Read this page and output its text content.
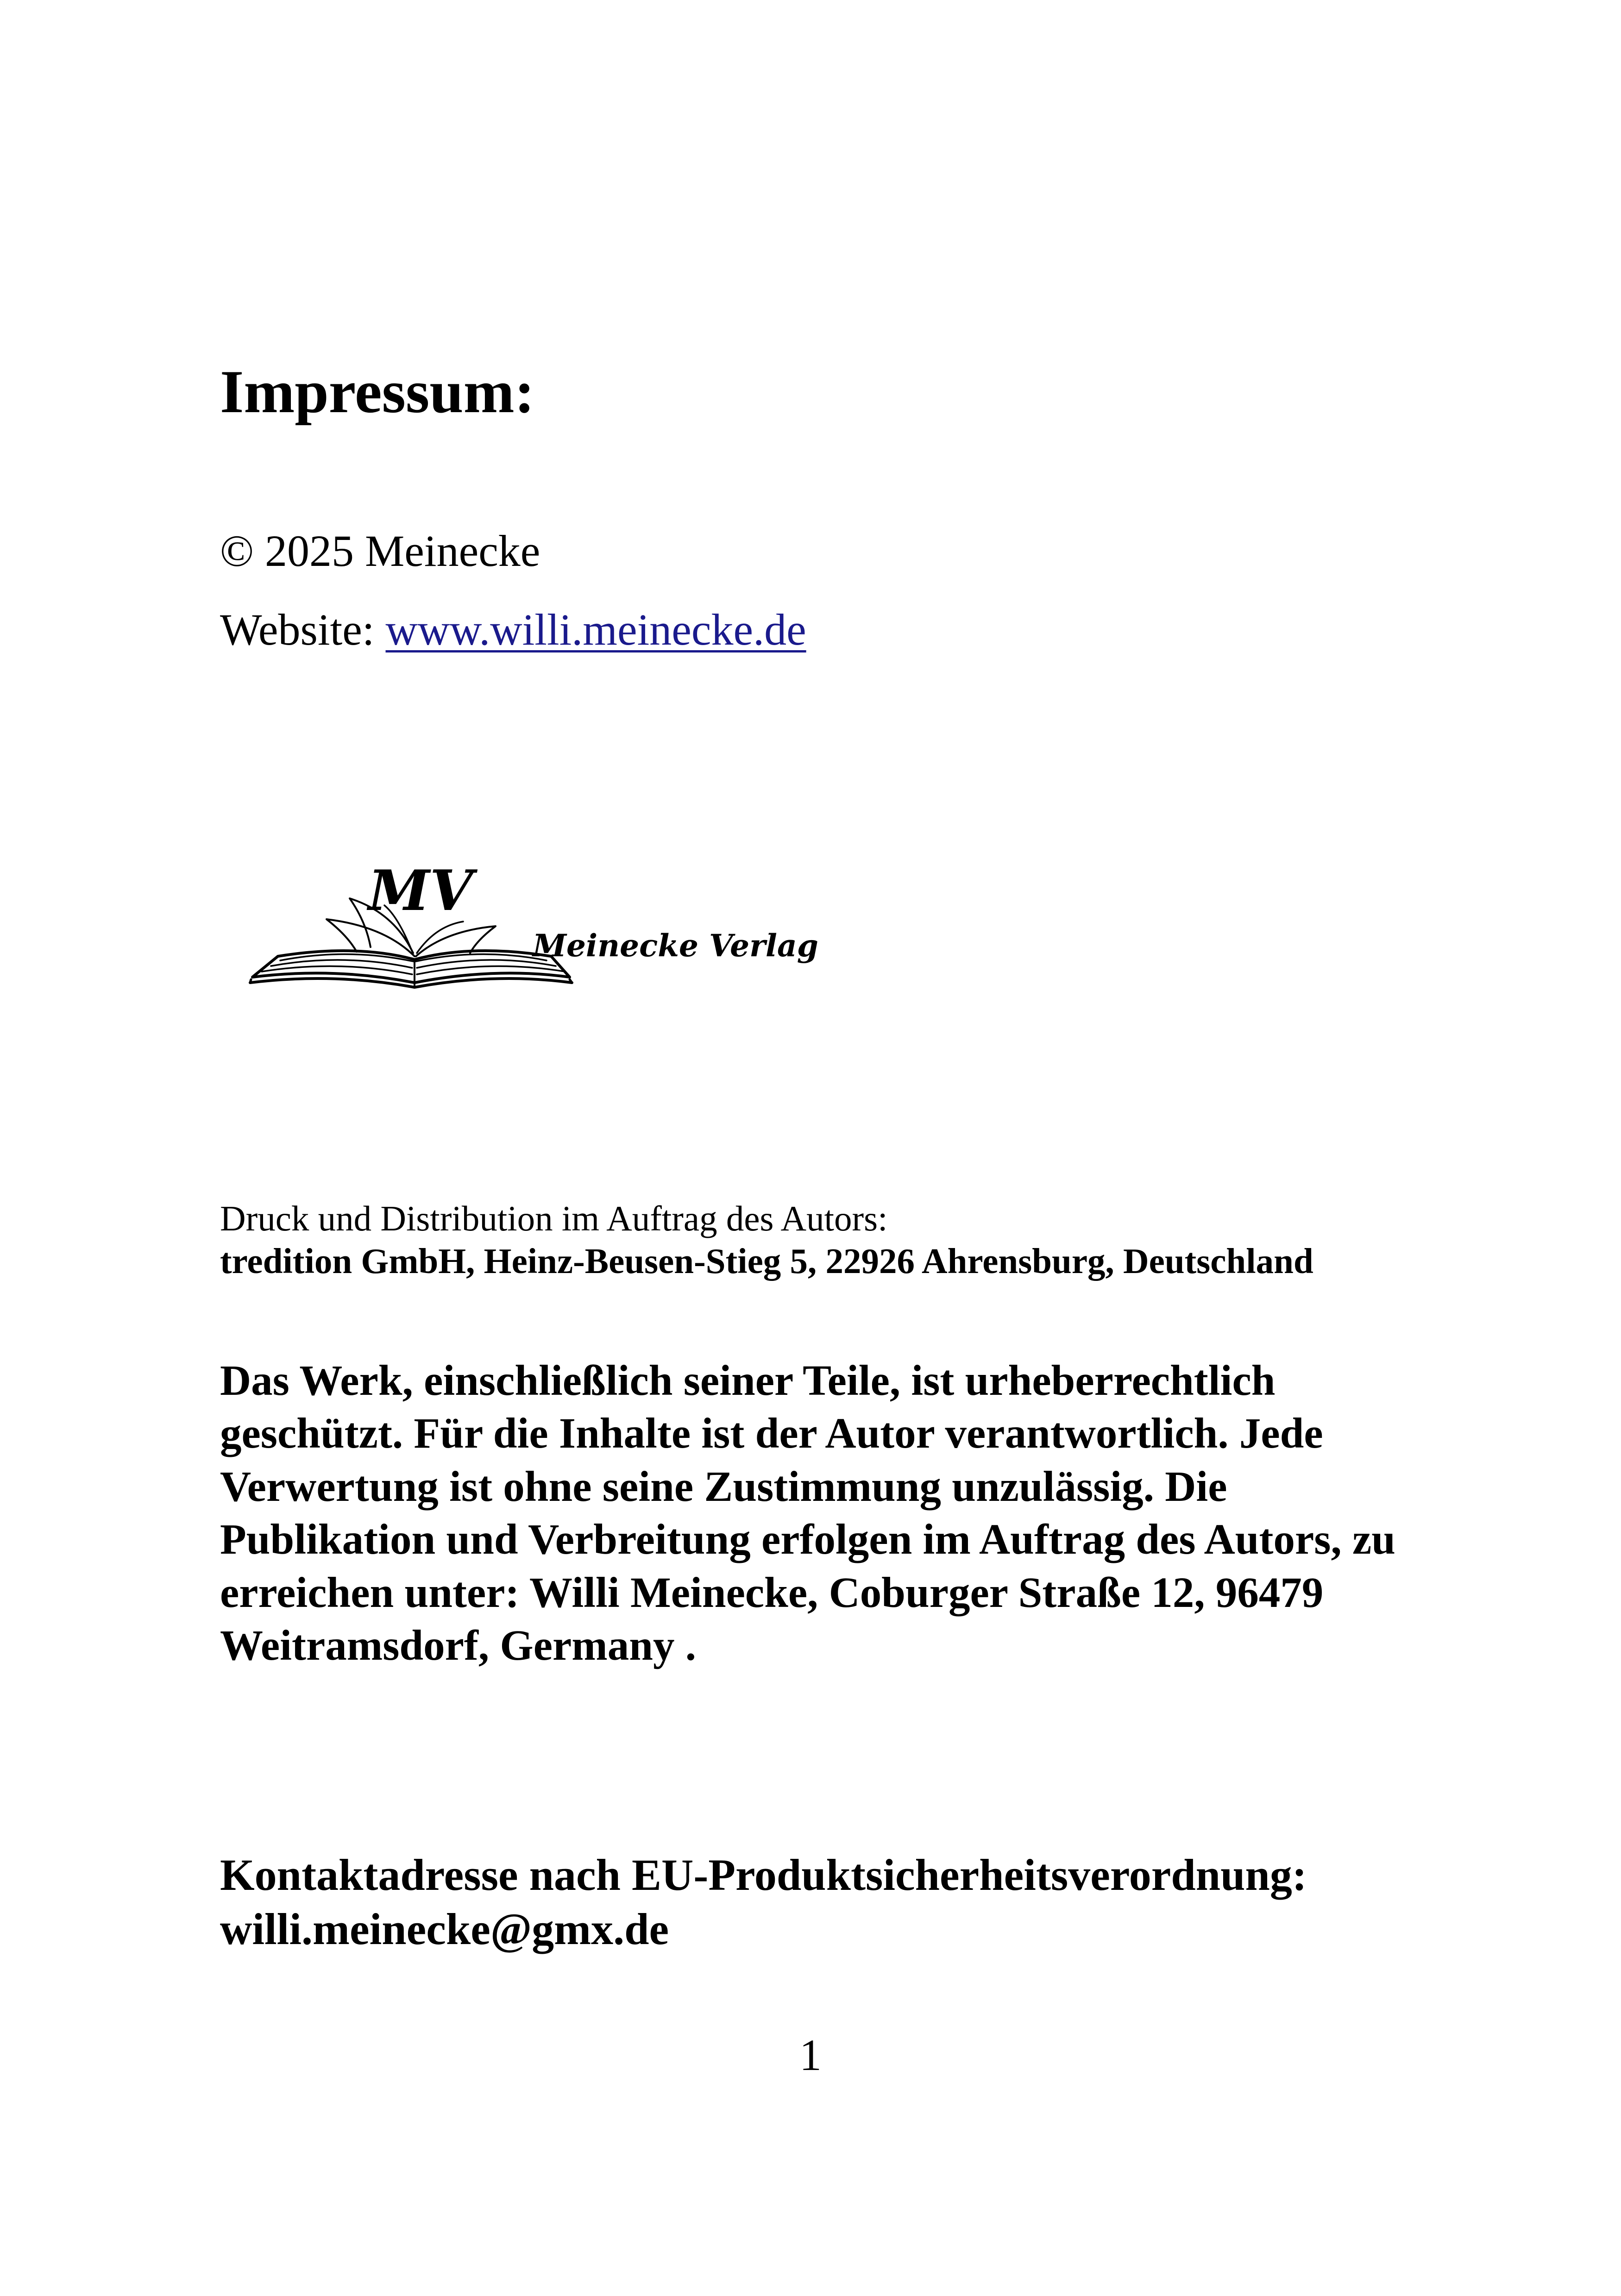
Impressum:

© 2025 Meinecke

Website: www.willi.meinecke.de

MV
Meinecke Verlag

Druck und Distribution im Auftrag des Autors:

tredition GmbH, Heinz-Beusen-Stieg 5, 22926 Ahrensburg, Deutschland

Das Werk, einschließlich seiner Teile, ist urheberrechtlich geschützt. Für die Inhalte ist der Autor verantwortlich. Jede Verwertung ist ohne seine Zustimmung unzulässig. Die Publikation und Verbreitung erfolgen im Auftrag des Autors, zu erreichen unter: Willi Meinecke, Coburger Straße 12, 96479 Weitramsdorf, Germany .

Kontaktadresse nach EU-Produktsicherheitsverordnung:
willi.meinecke@gmx.de
1
